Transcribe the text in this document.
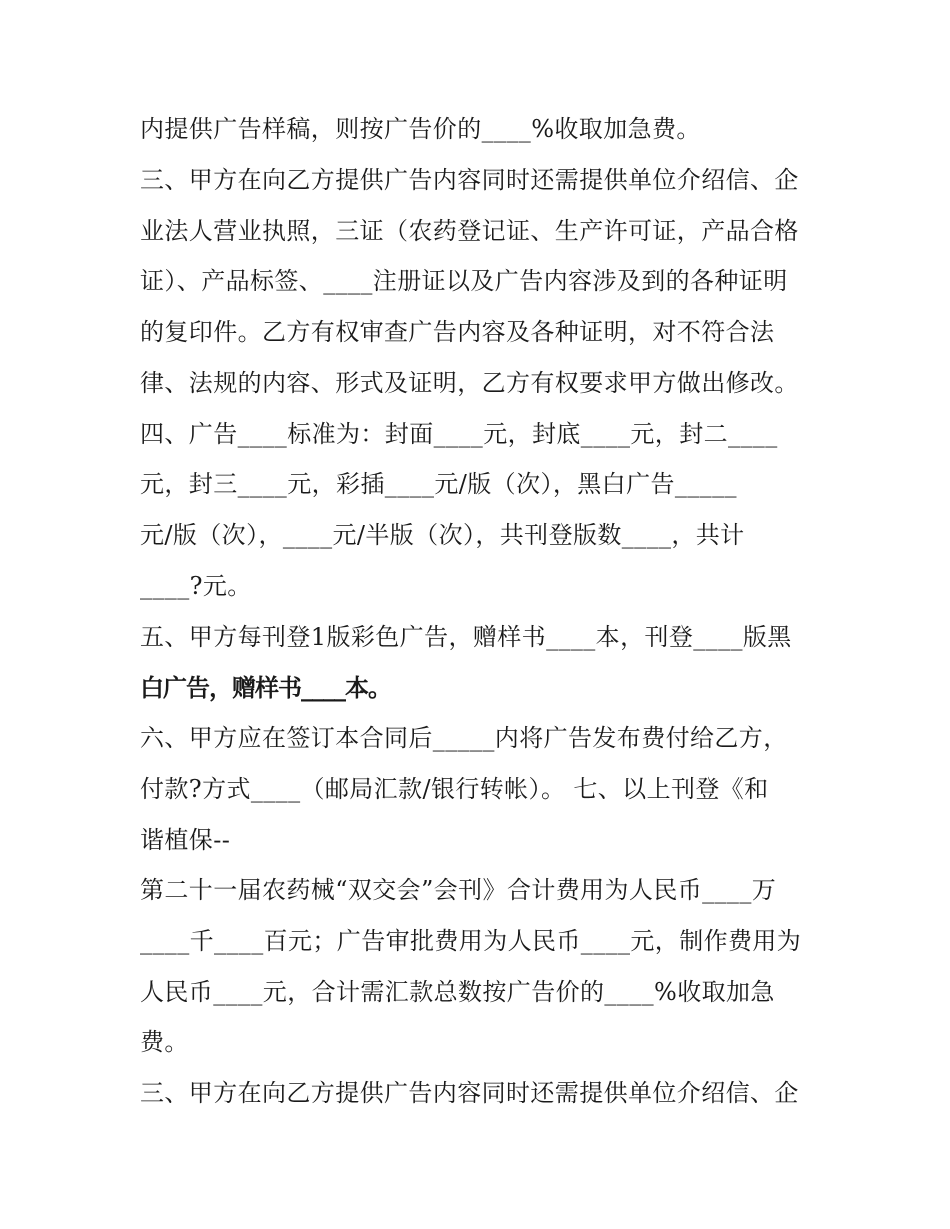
内提供广告样稿，则按广告价的____%收取加急费。
三、甲方在向乙方提供广告内容同时还需提供单位介绍信、企
业法人营业执照，三证（农药登记证、生产许可证，产品合格
证）、产品标签、____注册证以及广告内容涉及到的各种证明
的复印件。乙方有权审查广告内容及各种证明，对不符合法
律、法规的内容、形式及证明，乙方有权要求甲方做出修改。
四、广告____标准为：封面____元，封底____元，封二____
元，封三____元，彩插____元/版（次），黑白广告_____
元/版（次），____元/半版（次），共刊登版数____，共计
____?元。
五、甲方每刊登1版彩色广告，赠样书____本，刊登____版黑
白广告，赠样书____本。
六、甲方应在签订本合同后_____内将广告发布费付给乙方，
付款?方式____（邮局汇款/银行转帐）。 七、以上刊登《和
谐植保--
第二十一届农药械“双交会”会刊》合计费用为人民币____万
____千____百元；广告审批费用为人民币____元，制作费用为
人民币____元，合计需汇款总数按广告价的____%收取加急
费。
三、甲方在向乙方提供广告内容同时还需提供单位介绍信、企
